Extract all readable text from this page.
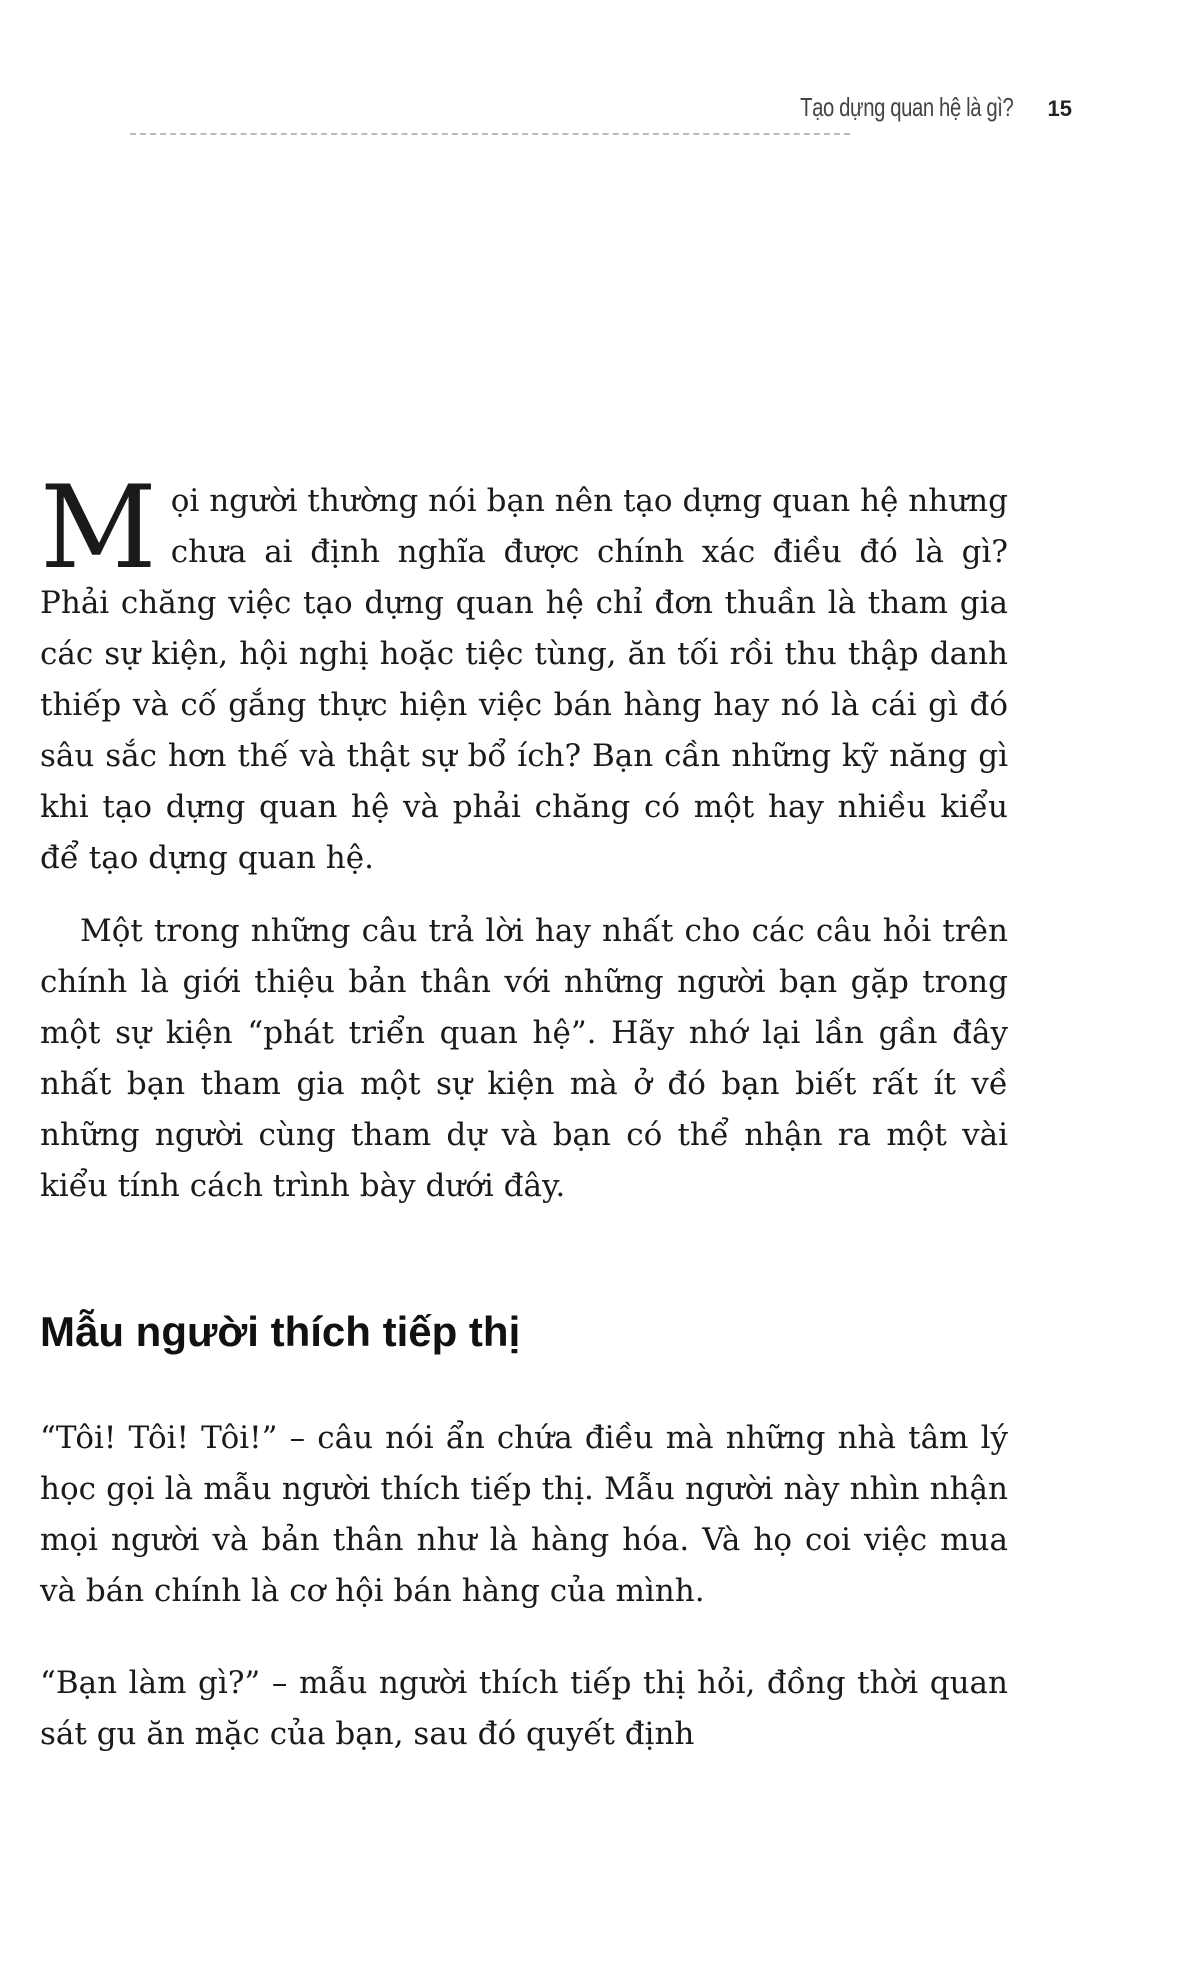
Tạo dựng quan hệ là gì? 15

Mọi người thường nói bạn nên tạo dựng quan hệ nhưng chưa ai định nghĩa được chính xác điều đó là gì? Phải chăng việc tạo dựng quan hệ chỉ đơn thuần là tham gia các sự kiện, hội nghị hoặc tiệc tùng, ăn tối rồi thu thập danh thiếp và cố gắng thực hiện việc bán hàng hay nó là cái gì đó sâu sắc hơn thế và thật sự bổ ích? Bạn cần những kỹ năng gì khi tạo dựng quan hệ và phải chăng có một hay nhiều kiểu để tạo dựng quan hệ.

Một trong những câu trả lời hay nhất cho các câu hỏi trên chính là giới thiệu bản thân với những người bạn gặp trong một sự kiện “phát triển quan hệ”. Hãy nhớ lại lần gần đây nhất bạn tham gia một sự kiện mà ở đó bạn biết rất ít về những người cùng tham dự và bạn có thể nhận ra một vài kiểu tính cách trình bày dưới đây.

Mẫu người thích tiếp thị

“Tôi! Tôi! Tôi!” – câu nói ẩn chứa điều mà những nhà tâm lý học gọi là mẫu người thích tiếp thị. Mẫu người này nhìn nhận mọi người và bản thân như là hàng hóa. Và họ coi việc mua và bán chính là cơ hội bán hàng của mình.

“Bạn làm gì?” – mẫu người thích tiếp thị hỏi, đồng thời quan sát gu ăn mặc của bạn, sau đó quyết định
